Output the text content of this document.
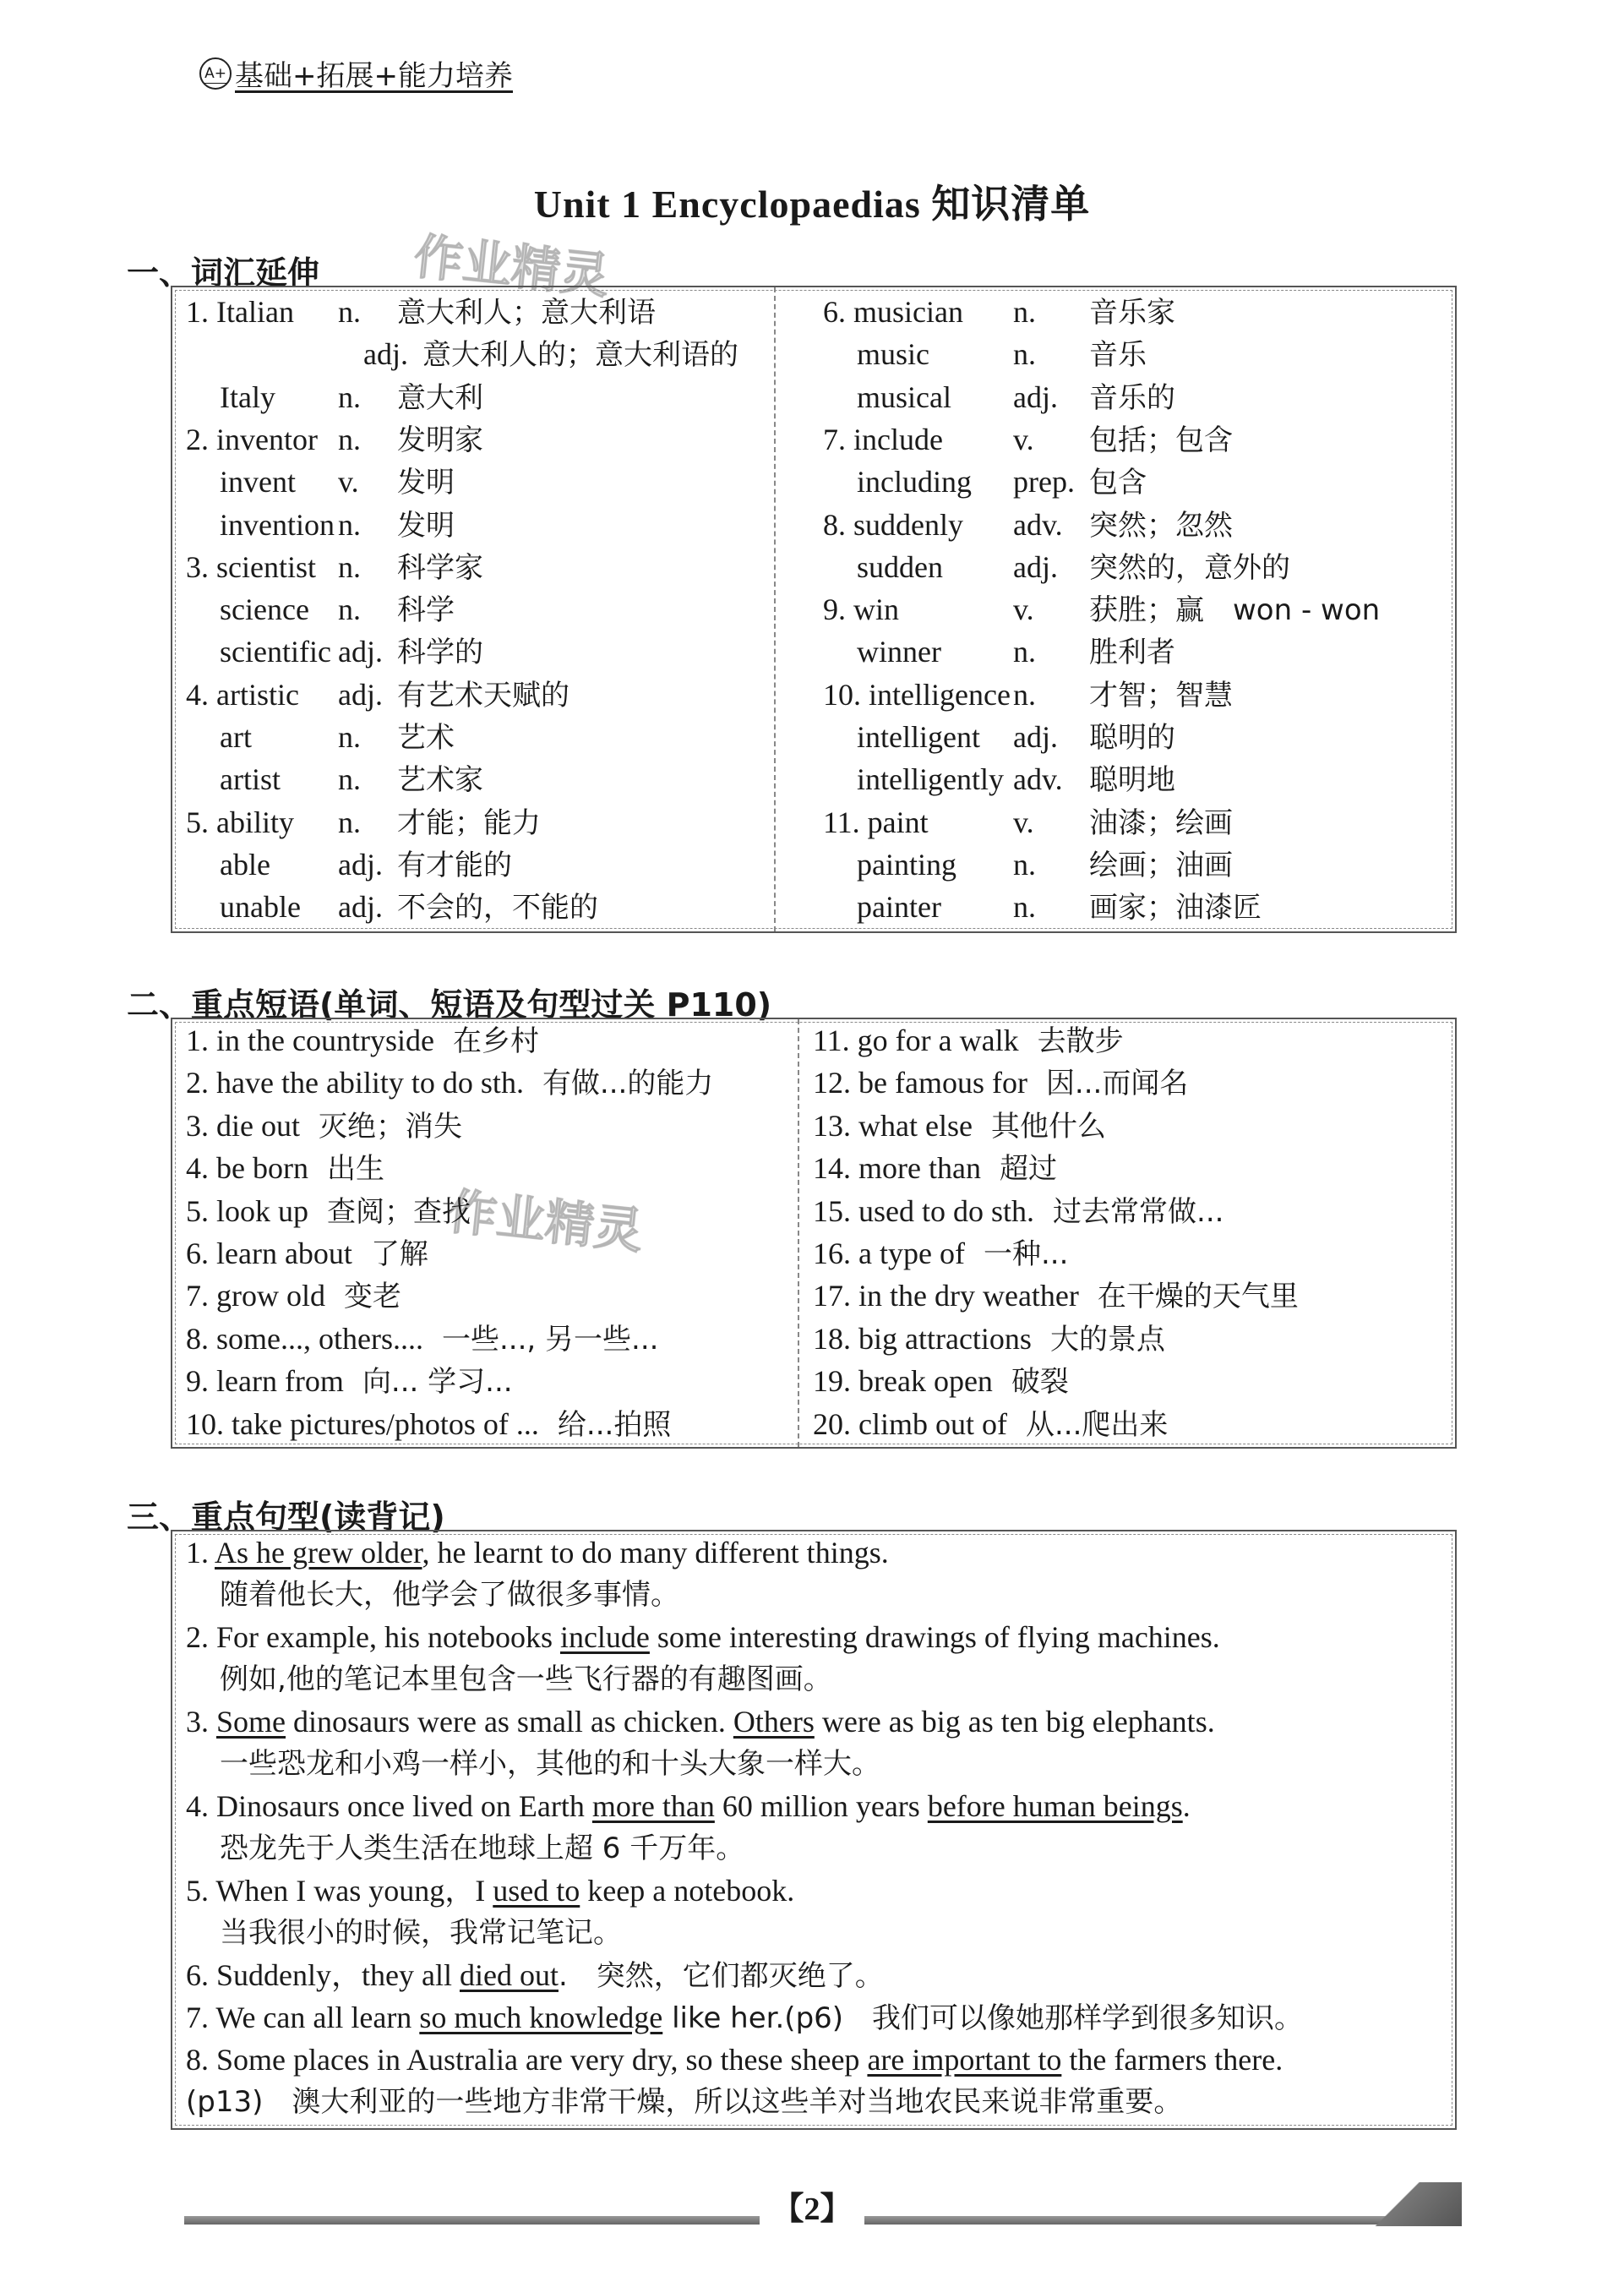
A+ 基础+拓展+能力培养
Unit 1 Encyclopaedias 知识清单
作业精灵
作业精灵
一、词汇延伸
1. Italian n. 意大利人；意大利语
adj. 意大利人的；意大利语的
Italy n. 意大利
2. inventor n. 发明家
invent v. 发明
invention n. 发明
3. scientist n. 科学家
science n. 科学
scientific adj. 科学的
4. artistic adj. 有艺术天赋的
art	n. 艺术
artist n. 艺术家
5. ability n. 才能；能力
able adj. 有才能的
unable adj. 不会的，不能的
6. musician n. 音乐家
music	n. 音乐
musical adj. 音乐的
7. include v. 包括；包含
including prep. 包含
8. suddenly adv. 突然；忽然
sudden adj. 突然的，意外的
9. win	v. 获胜；赢　won - won
winner n. 胜利者
10. intelligencen. 才智；智慧
intelligent adj. 聪明的
intelligently adv. 聪明地
11. paint	v. 油漆；绘画
painting n. 绘画；油画
painter n. 画家；油漆匠
二、重点短语(单词、短语及句型过关 P110)
1. in the countryside 在乡村
2. have the ability to do sth. 有做...的能力
3. die out 灭绝；消失
4. be born 出生
5. look up 查阅；查找
6. learn about 了解
7. grow old 变老
8. some..., others.... 一些..., 另一些...
9. learn from 向... 学习...
10. take pictures/photos of ... 给...拍照
11. go for a walk 去散步
12. be famous for 因...而闻名
13. what else 其他什么
14. more than 超过
15. used to do sth. 过去常常做...
16. a type of 一种...
17. in the dry weather 在干燥的天气里
18. big attractions 大的景点
19. break open 破裂
20. climb out of 从...爬出来
三、重点句型(读背记)
1. As he grew older, he learnt to do many different things.
随着他长大，他学会了做很多事情。
2. For example, his notebooks include some interesting drawings of flying machines.
例如,他的笔记本里包含一些飞行器的有趣图画。
3. Some dinosaurs were as small as chicken. Others were as big as ten big elephants.
一些恐龙和小鸡一样小，其他的和十头大象一样大。
4. Dinosaurs once lived on Earth more than 60 million years before human beings.
恐龙先于人类生活在地球上超 6 千万年。
5. When I was young，I used to keep a notebook.
当我很小的时候，我常记笔记。
6. Suddenly，they all died out.　突然，它们都灭绝了。
7. We can all learn so much knowledge like her.(p6)　我们可以像她那样学到很多知识。
8. Some places in Australia are very dry, so these sheep are important to the farmers there.
(p13)　澳大利亚的一些地方非常干燥，所以这些羊对当地农民来说非常重要。
【2】
